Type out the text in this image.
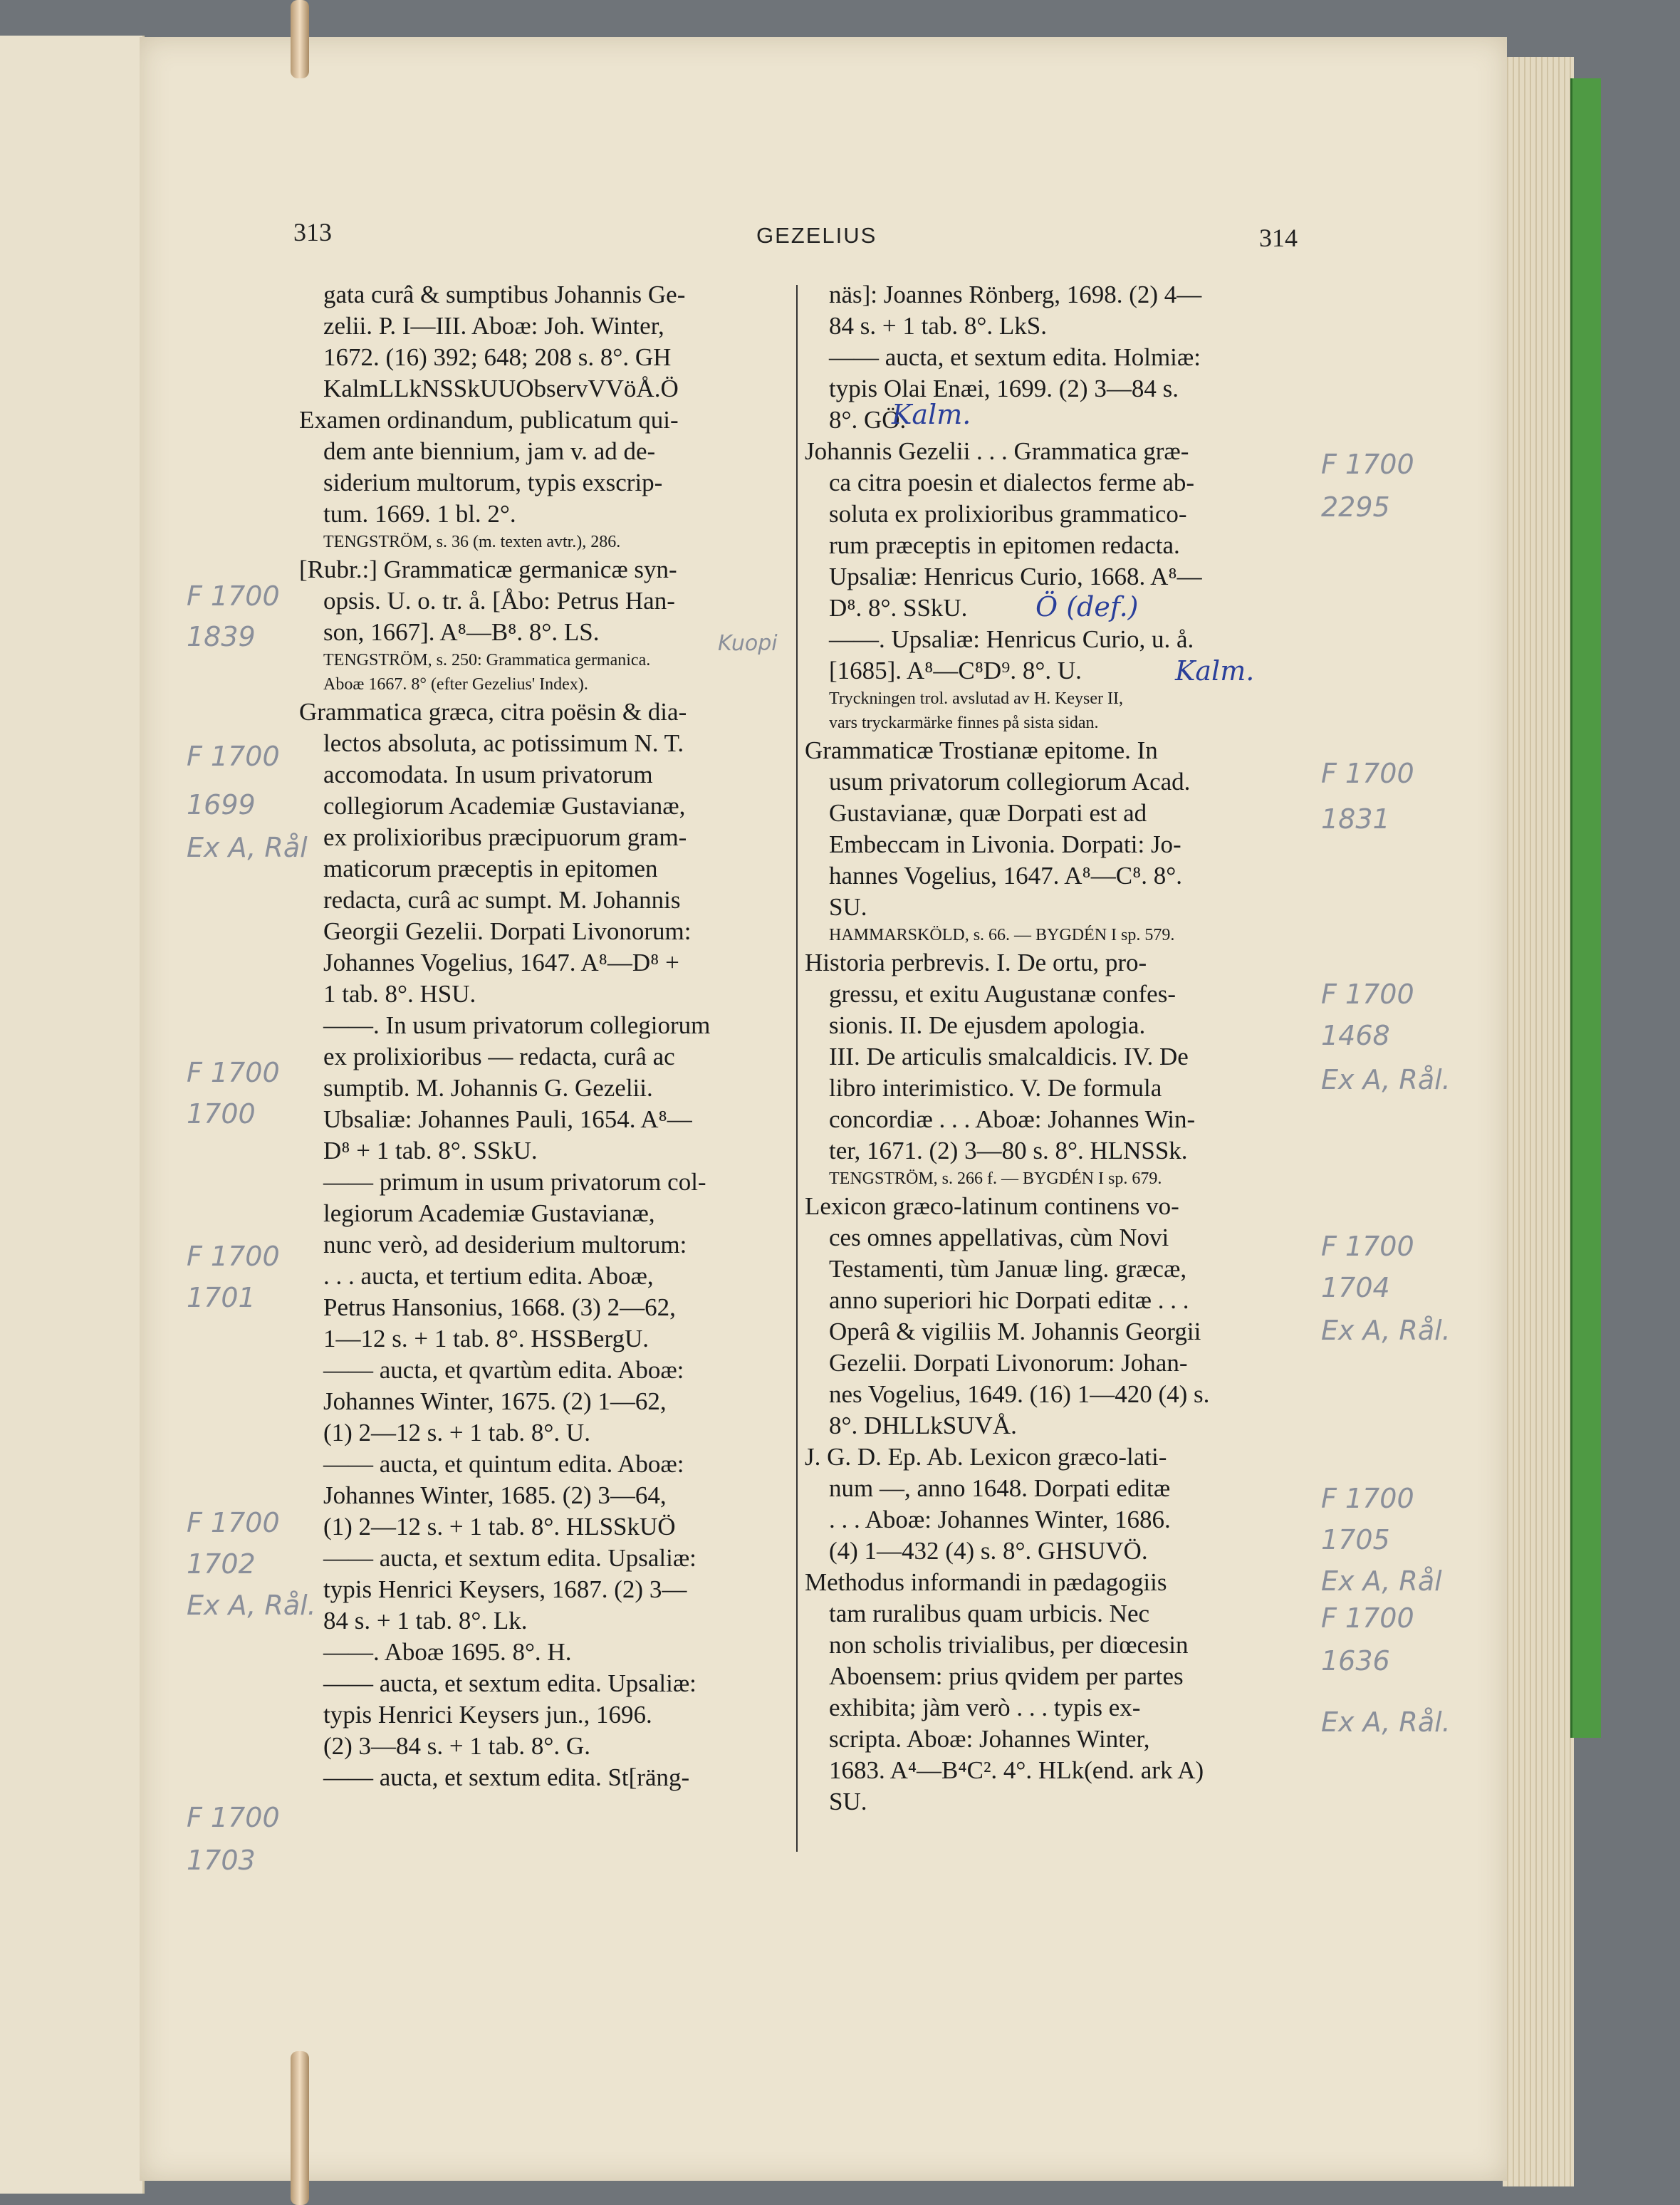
313	GEZELIUS	314
gata curâ & sumptibus Johannis Ge-
zelii. P. I—III. Aboæ: Joh. Winter,
1672. (16) 392; 648; 208 s. 8°. GH
KalmLLkNSSkUUObservVVöÅ.Ö
Examen ordinandum, publicatum qui-
dem ante biennium, jam v. ad de-
siderium multorum, typis exscrip-
tum. 1669. 1 bl. 2°.
TENGSTRÖM, s. 36 (m. texten avtr.), 286.
[Rubr.:] Grammaticæ germanicæ syn-
opsis. U. o. tr. å. [Åbo: Petrus Han-
son, 1667]. A⁸—B⁸. 8°. LS.
TENGSTRÖM, s. 250: Grammatica germanica.
Aboæ 1667. 8° (efter Gezelius' Index).
Grammatica græca, citra poësin & dia-
lectos absoluta, ac potissimum N. T.
accomodata. In usum privatorum
collegiorum Academiæ Gustavianæ,
ex prolixioribus præcipuorum gram-
maticorum præceptis in epitomen
redacta, curâ ac sumpt. M. Johannis
Georgii Gezelii. Dorpati Livonorum:
Johannes Vogelius, 1647. A⁸—D⁸ +
1 tab. 8°. HSU.
——. In usum privatorum collegiorum
ex prolixioribus — redacta, curâ ac
sumptib. M. Johannis G. Gezelii.
Ubsaliæ: Johannes Pauli, 1654. A⁸—
D⁸ + 1 tab. 8°. SSkU.
—— primum in usum privatorum col-
legiorum Academiæ Gustavianæ,
nunc verò, ad desiderium multorum:
. . . aucta, et tertium edita. Aboæ,
Petrus Hansonius, 1668. (3) 2—62,
1—12 s. + 1 tab. 8°. HSSBergU.
—— aucta, et qvartùm edita. Aboæ:
Johannes Winter, 1675. (2) 1—62,
(1) 2—12 s. + 1 tab. 8°. U.
—— aucta, et quintum edita. Aboæ:
Johannes Winter, 1685. (2) 3—64,
(1) 2—12 s. + 1 tab. 8°. HLSSkUÖ
—— aucta, et sextum edita. Upsaliæ:
typis Henrici Keysers, 1687. (2) 3—
84 s. + 1 tab. 8°. Lk.
——. Aboæ 1695. 8°. H.
—— aucta, et sextum edita. Upsaliæ:
typis Henrici Keysers jun., 1696.
(2) 3—84 s. + 1 tab. 8°. G.
—— aucta, et sextum edita. St[räng-
näs]: Joannes Rönberg, 1698. (2) 4—
84 s. + 1 tab. 8°. LkS.
—— aucta, et sextum edita. Holmiæ:
typis Olai Enæi, 1699. (2) 3—84 s.
8°. GÖ.
Johannis Gezelii . . . Grammatica græ-
ca citra poesin et dialectos ferme ab-
soluta ex prolixioribus grammatico-
rum præceptis in epitomen redacta.
Upsaliæ: Henricus Curio, 1668. A⁸—
D⁸. 8°. SSkU.
——. Upsaliæ: Henricus Curio, u. å.
[1685]. A⁸—C⁸D⁹. 8°. U.
Tryckningen trol. avslutad av H. Keyser II,
vars tryckarmärke finnes på sista sidan.
Grammaticæ Trostianæ epitome. In
usum privatorum collegiorum Acad.
Gustavianæ, quæ Dorpati est ad
Embeccam in Livonia. Dorpati: Jo-
hannes Vogelius, 1647. A⁸—C⁸. 8°.
SU.
HAMMARSKÖLD, s. 66. — BYGDÉN I sp. 579.
Historia perbrevis. I. De ortu, pro-
gressu, et exitu Augustanæ confes-
sionis. II. De ejusdem apologia.
III. De articulis smalcaldicis. IV. De
libro interimistico. V. De formula
concordiæ . . . Aboæ: Johannes Win-
ter, 1671. (2) 3—80 s. 8°. HLNSSk.
TENGSTRÖM, s. 266 f. — BYGDÉN I sp. 679.
Lexicon græco-latinum continens vo-
ces omnes appellativas, cùm Novi
Testamenti, tùm Januæ ling. græcæ,
anno superiori hic Dorpati editæ . . .
Operâ & vigiliis M. Johannis Georgii
Gezelii. Dorpati Livonorum: Johan-
nes Vogelius, 1649. (16) 1—420 (4) s.
8°. DHLLkSUVÅ.
J. G. D. Ep. Ab. Lexicon græco-lati-
num —, anno 1648. Dorpati editæ
. . . Aboæ: Johannes Winter, 1686.
(4) 1—432 (4) s. 8°. GHSUVÖ.
Methodus informandi in pædagogiis
tam ruralibus quam urbicis. Nec
non scholis trivialibus, per diœcesin
Aboensem: prius qvidem per partes
exhibita; jàm verò . . . typis ex-
scripta. Aboæ: Johannes Winter,
1683. A⁴—B⁴C². 4°. HLk(end. ark A)
SU.
F 1700
1839
F 1700
1699
Ex A, Rål
F 1700
1700
F 1700
1701
F 1700
1702
Ex A, Rål.
F 1700
1703
F 1700
2295
F 1700
1831
F 1700
1468
Ex A, Rål.
F 1700
1704
Ex A, Rål.
F 1700
1705
Ex A, Rål
F 1700
1636
Ex A, Rål.
Kalm.
Ö (def.)
Kalm.
Kuopi
